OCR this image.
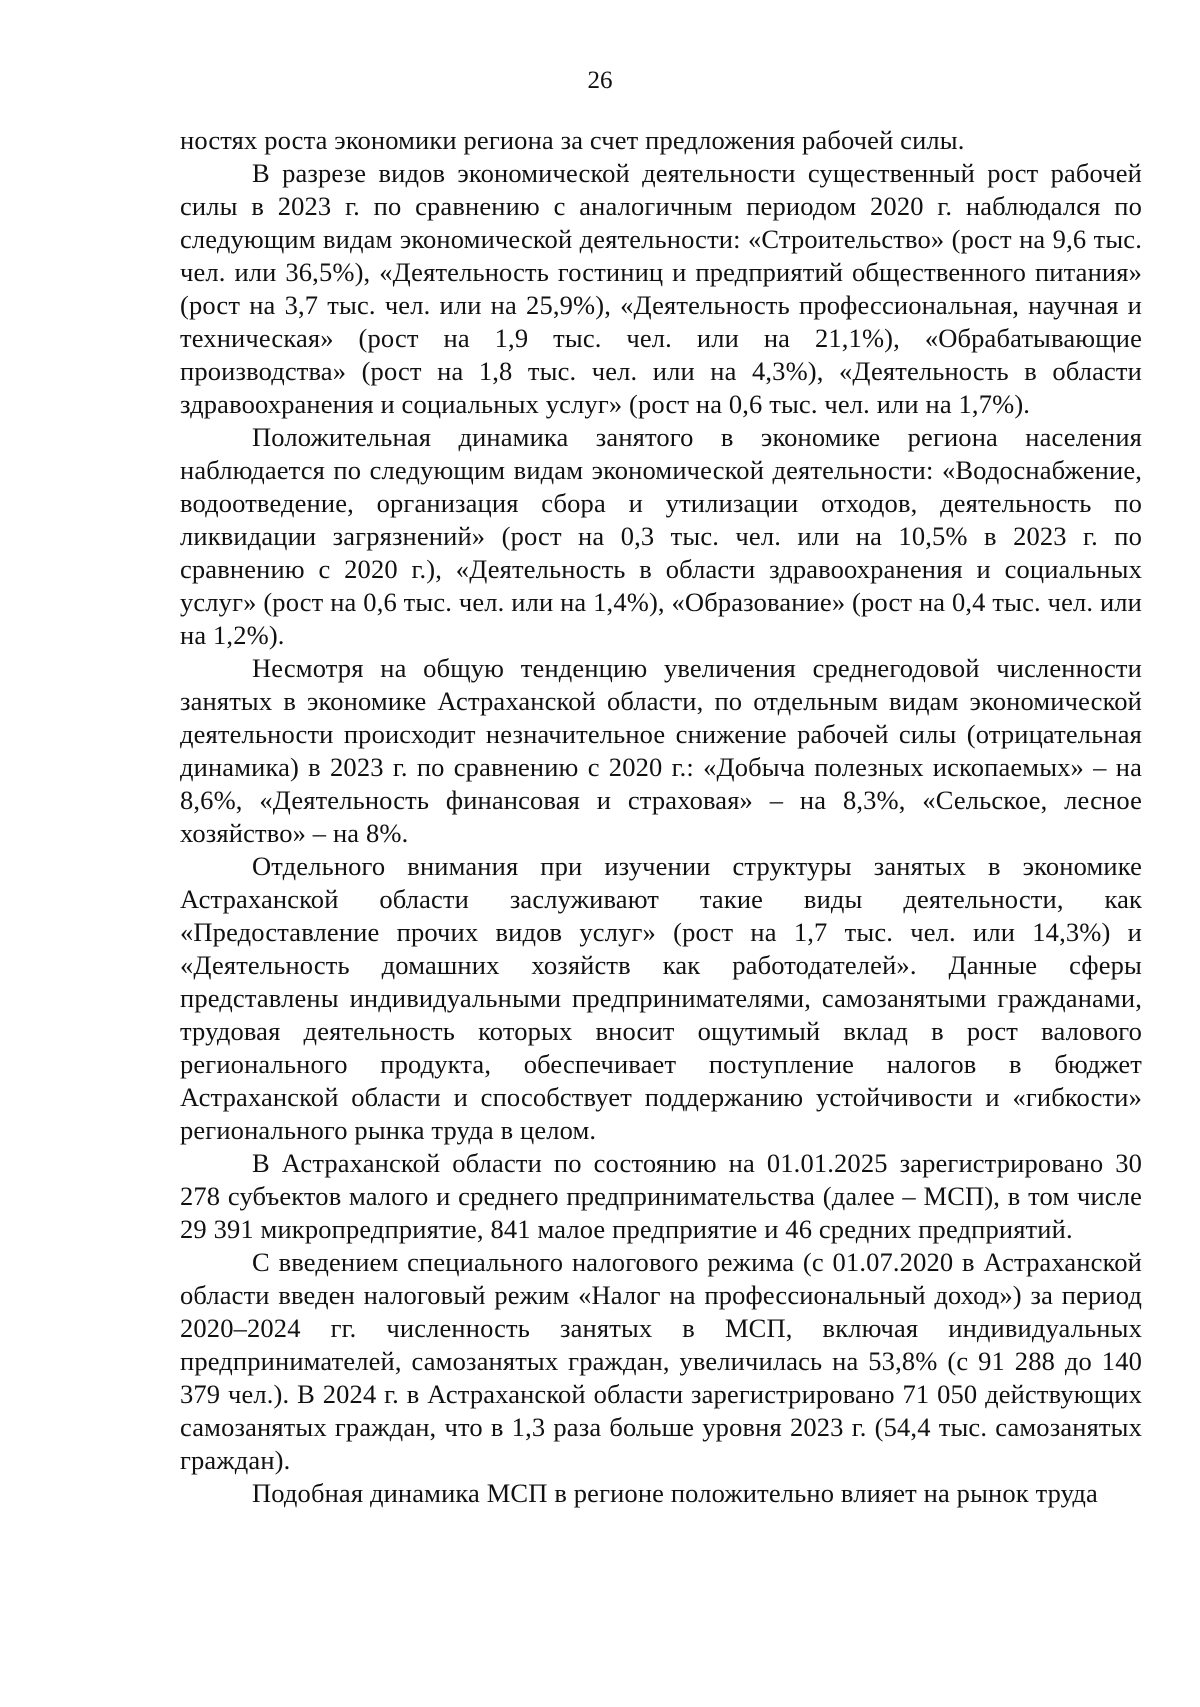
26

ностях роста экономики региона за счет предложения рабочей силы.

В разрезе видов экономической деятельности существенный рост рабочей силы в 2023 г. по сравнению с аналогичным периодом 2020 г. наблюдался по следующим видам экономической деятельности: «Строительство» (рост на 9,6 тыс. чел. или 36,5%), «Деятельность гостиниц и предприятий общественного питания» (рост на 3,7 тыс. чел. или на 25,9%), «Деятельность профессиональная, научная и техническая» (рост на 1,9 тыс. чел. или на 21,1%), «Обрабатывающие производства» (рост на 1,8 тыс. чел. или на 4,3%), «Деятельность в области здравоохранения и социальных услуг» (рост на 0,6 тыс. чел. или на 1,7%).

Положительная динамика занятого в экономике региона населения наблюдается по следующим видам экономической деятельности: «Водоснабжение, водоотведение, организация сбора и утилизации отходов, деятельность по ликвидации загрязнений» (рост на 0,3 тыс. чел. или на 10,5% в 2023 г. по сравнению с 2020 г.), «Деятельность в области здравоохранения и социальных услуг» (рост на 0,6 тыс. чел. или на 1,4%), «Образование» (рост на 0,4 тыс. чел. или на 1,2%).

Несмотря на общую тенденцию увеличения среднегодовой численности занятых в экономике Астраханской области, по отдельным видам экономической деятельности происходит незначительное снижение рабочей силы (отрицательная динамика) в 2023 г. по сравнению с 2020 г.: «Добыча полезных ископаемых» – на 8,6%, «Деятельность финансовая и страховая» – на 8,3%, «Сельское, лесное хозяйство» – на 8%.

Отдельного внимания при изучении структуры занятых в экономике Астраханской области заслуживают такие виды деятельности, как «Предоставление прочих видов услуг» (рост на 1,7 тыс. чел. или 14,3%) и «Деятельность домашних хозяйств как работодателей». Данные сферы представлены индивидуальными предпринимателями, самозанятыми гражданами, трудовая деятельность которых вносит ощутимый вклад в рост валового регионального продукта, обеспечивает поступление налогов в бюджет Астраханской области и способствует поддержанию устойчивости и «гибкости» регионального рынка труда в целом.

В Астраханской области по состоянию на 01.01.2025 зарегистрировано 30 278 субъектов малого и среднего предпринимательства (далее – МСП), в том числе 29 391 микропредприятие, 841 малое предприятие и 46 средних предприятий.

С введением специального налогового режима (с 01.07.2020 в Астраханской области введен налоговый режим «Налог на профессиональный доход») за период 2020–2024 гг. численность занятых в МСП, включая индивидуальных предпринимателей, самозанятых граждан, увеличилась на 53,8% (с 91 288 до 140 379 чел.). В 2024 г. в Астраханской области зарегистрировано 71 050 действующих самозанятых граждан, что в 1,3 раза больше уровня 2023 г. (54,4 тыс. самозанятых граждан).

Подобная динамика МСП в регионе положительно влияет на рынок труда
